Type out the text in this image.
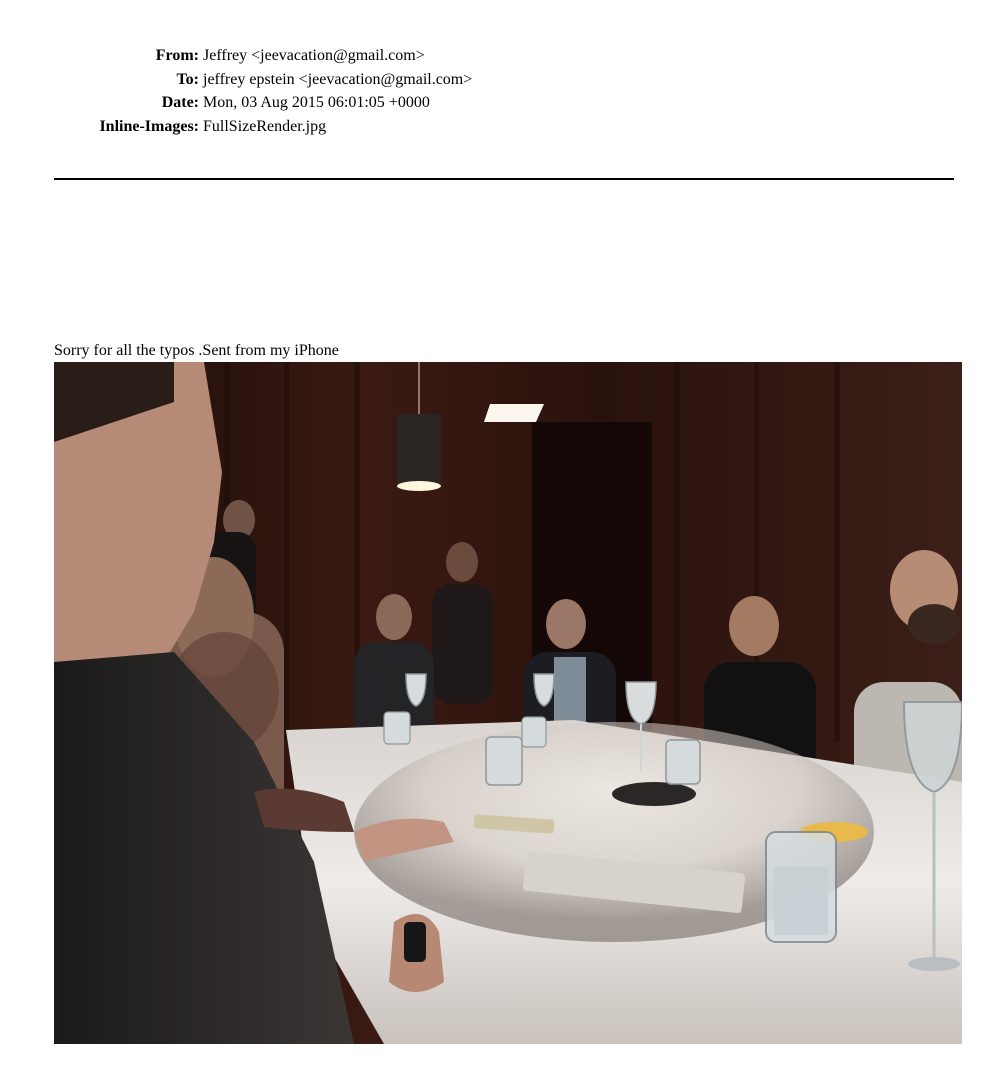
From: Jeffrey <jeevacation@gmail.com>
To: jeffrey epstein <jeevacation@gmail.com>
Date: Mon, 03 Aug 2015 06:01:05 +0000
Inline-Images: FullSizeRender.jpg
Sorry for all the typos .Sent from my iPhone
